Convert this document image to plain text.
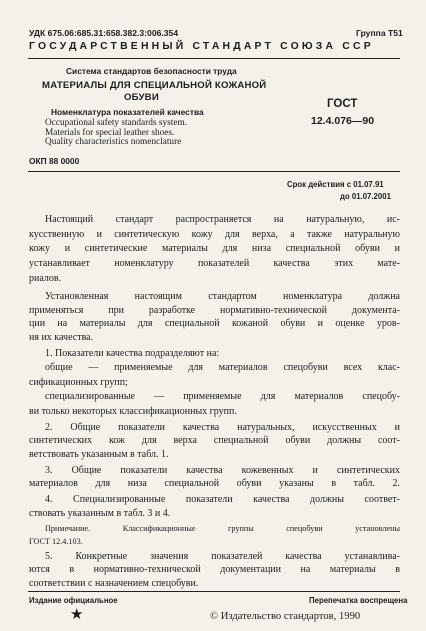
УДК 675.06:685.31:658.382.3:006.354	Группа Т51
ГОСУДАРСТВЕННЫЙ СТАНДАРТ СОЮЗА ССР
Система стандартов безопасности труда
МАТЕРИАЛЫ ДЛЯ СПЕЦИАЛЬНОЙ КОЖАНОЙ
ОБУВИ
Номенклатура показателей качества
Occupational safety standards system.
Materials for special leather shoes.
Quality characteristics nomenclature
ГОСТ
12.4.076—90
ОКП 88 0000
Срок действия с 01.07.91
до 01.07.2001
Настоящий стандарт распространяется на натуральную, ис-
кусственную и синтетическую кожу для верха, а также натуральную
кожу и синтетические материалы для низа специальной обуви и
устанавливает номенклатуру показателей качества этих мате-
риалов.
Установленная настоящим стандартом номенклатура должна
применяться при разработке нормативно-технической документа-
ции на материалы для специальной кожаной обуви и оценке уров-
ня их качества.
1. Показатели качества подразделяют на:
общие — применяемые для материалов спецобуви всех клас-
сификационных групп;
специализированные — применяемые для материалов спецобу-
ви только некоторых классификационных групп.
2. Общие показатели качества натуральных, искусственных и
синтетических кож для верха специальной обуви должны соот-
ветствовать указанным в табл. 1.
3. Общие показатели качества кожевенных и синтетических
материалов для низа специальной обуви указаны в табл. 2.
4. Специализированные показатели качества должны соответ-
ствовать указанным в табл. 3 и 4.
Примечание. Классификационные группы спецобуви установлены
ГОСТ 12.4.103.
5. Конкретные значения показателей качества устанавлива-
ются в нормативно-технической документации на материалы в
соответствии с назначением спецобуви.
Издание официальное	Перепечатка воспрещена
★	© Издательство стандартов, 1990
